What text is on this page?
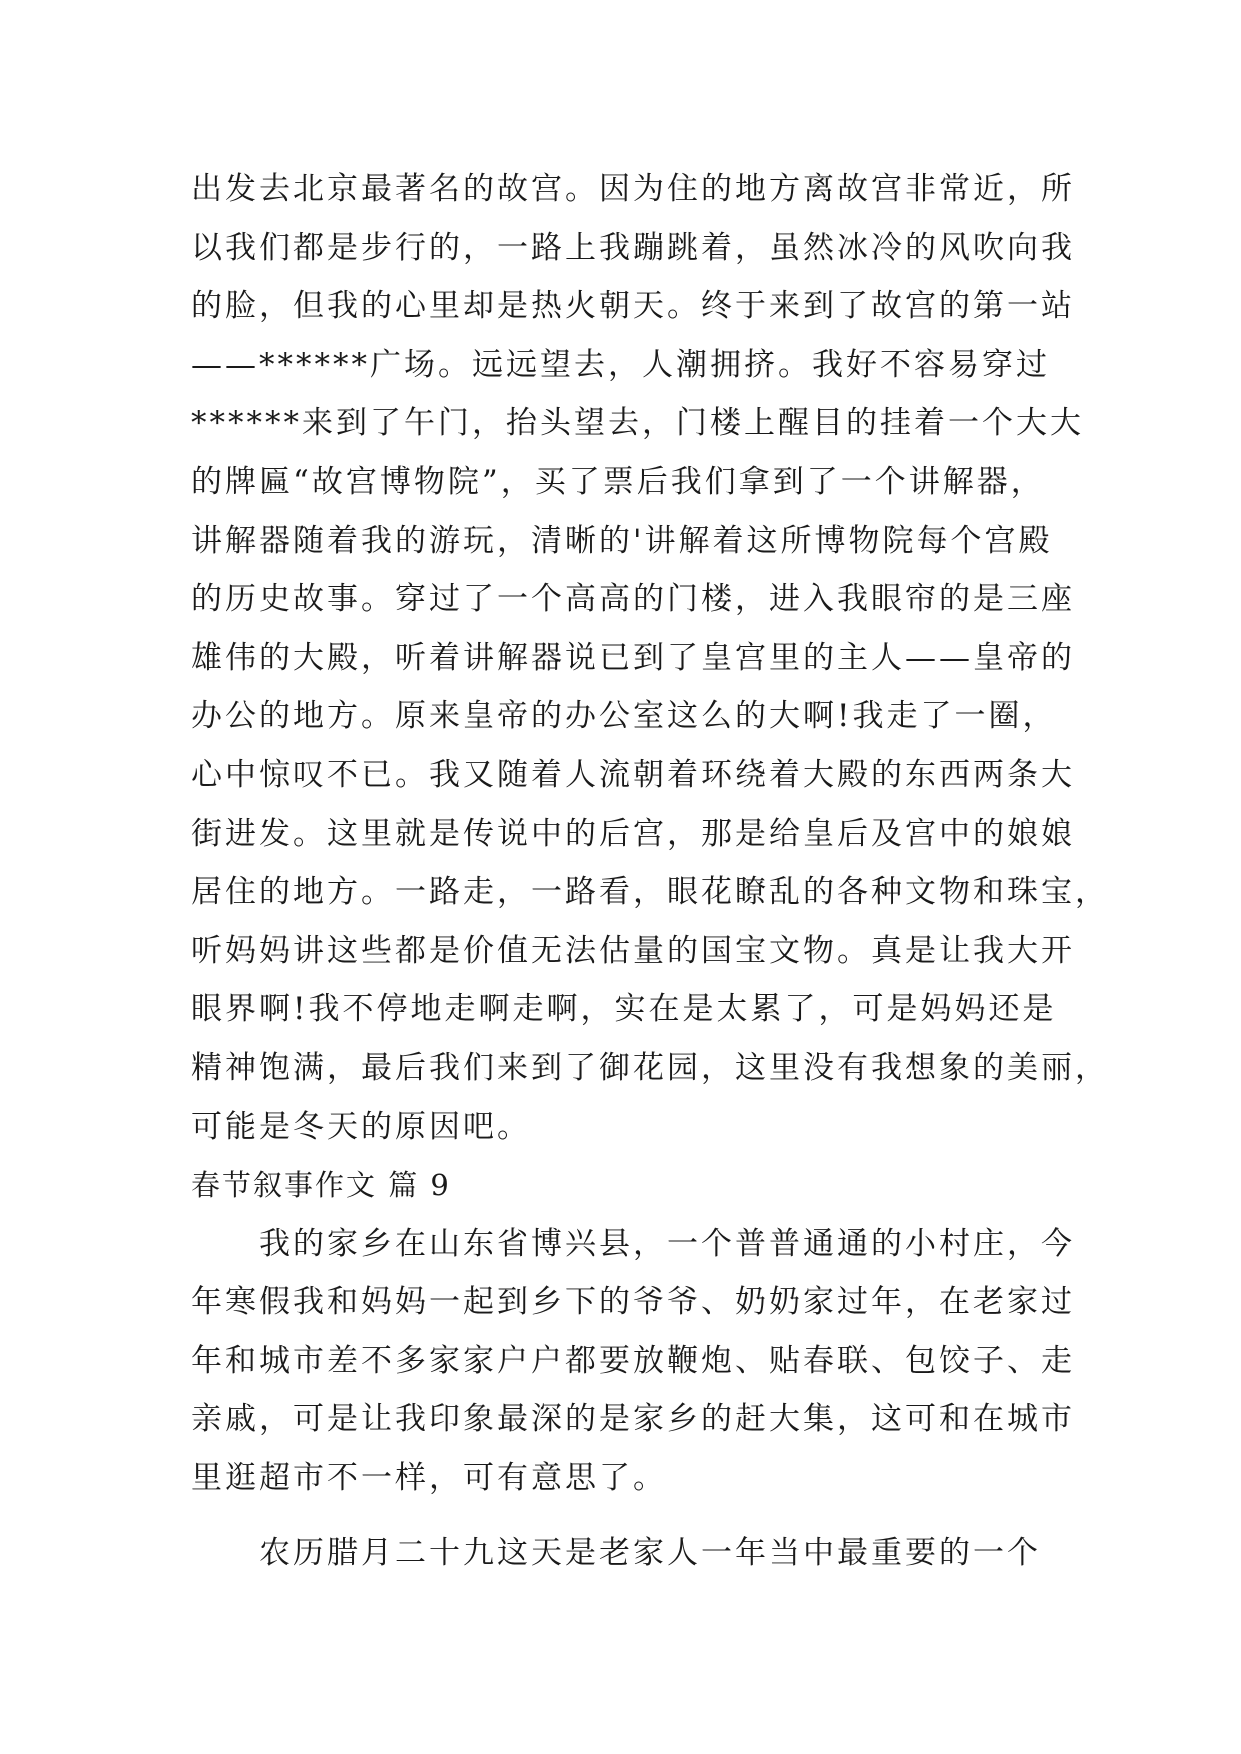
出发去北京最著名的故宫。因为住的地方离故宫非常近，所
以我们都是步行的，一路上我蹦跳着，虽然冰冷的风吹向我
的脸，但我的心里却是热火朝天。终于来到了故宫的第一站
——******广场。远远望去，人潮拥挤。我好不容易穿过
******来到了午门，抬头望去，门楼上醒目的挂着一个大大
的牌匾“故宫博物院”，买了票后我们拿到了一个讲解器，
讲解器随着我的游玩，清晰的'讲解着这所博物院每个宫殿
的历史故事。穿过了一个高高的门楼，进入我眼帘的是三座
雄伟的大殿，听着讲解器说已到了皇宫里的主人——皇帝的
办公的地方。原来皇帝的办公室这么的大啊!我走了一圈，
心中惊叹不已。我又随着人流朝着环绕着大殿的东西两条大
街进发。这里就是传说中的后宫，那是给皇后及宫中的娘娘
居住的地方。一路走，一路看，眼花瞭乱的各种文物和珠宝，
听妈妈讲这些都是价值无法估量的国宝文物。真是让我大开
眼界啊!我不停地走啊走啊，实在是太累了，可是妈妈还是
精神饱满，最后我们来到了御花园，这里没有我想象的美丽，
可能是冬天的原因吧。
春节叙事作文 篇 9
我的家乡在山东省博兴县，一个普普通通的小村庄，今
年寒假我和妈妈一起到乡下的爷爷、奶奶家过年，在老家过
年和城市差不多家家户户都要放鞭炮、贴春联、包饺子、走
亲戚，可是让我印象最深的是家乡的赶大集，这可和在城市
里逛超市不一样，可有意思了。
农历腊月二十九这天是老家人一年当中最重要的一个
